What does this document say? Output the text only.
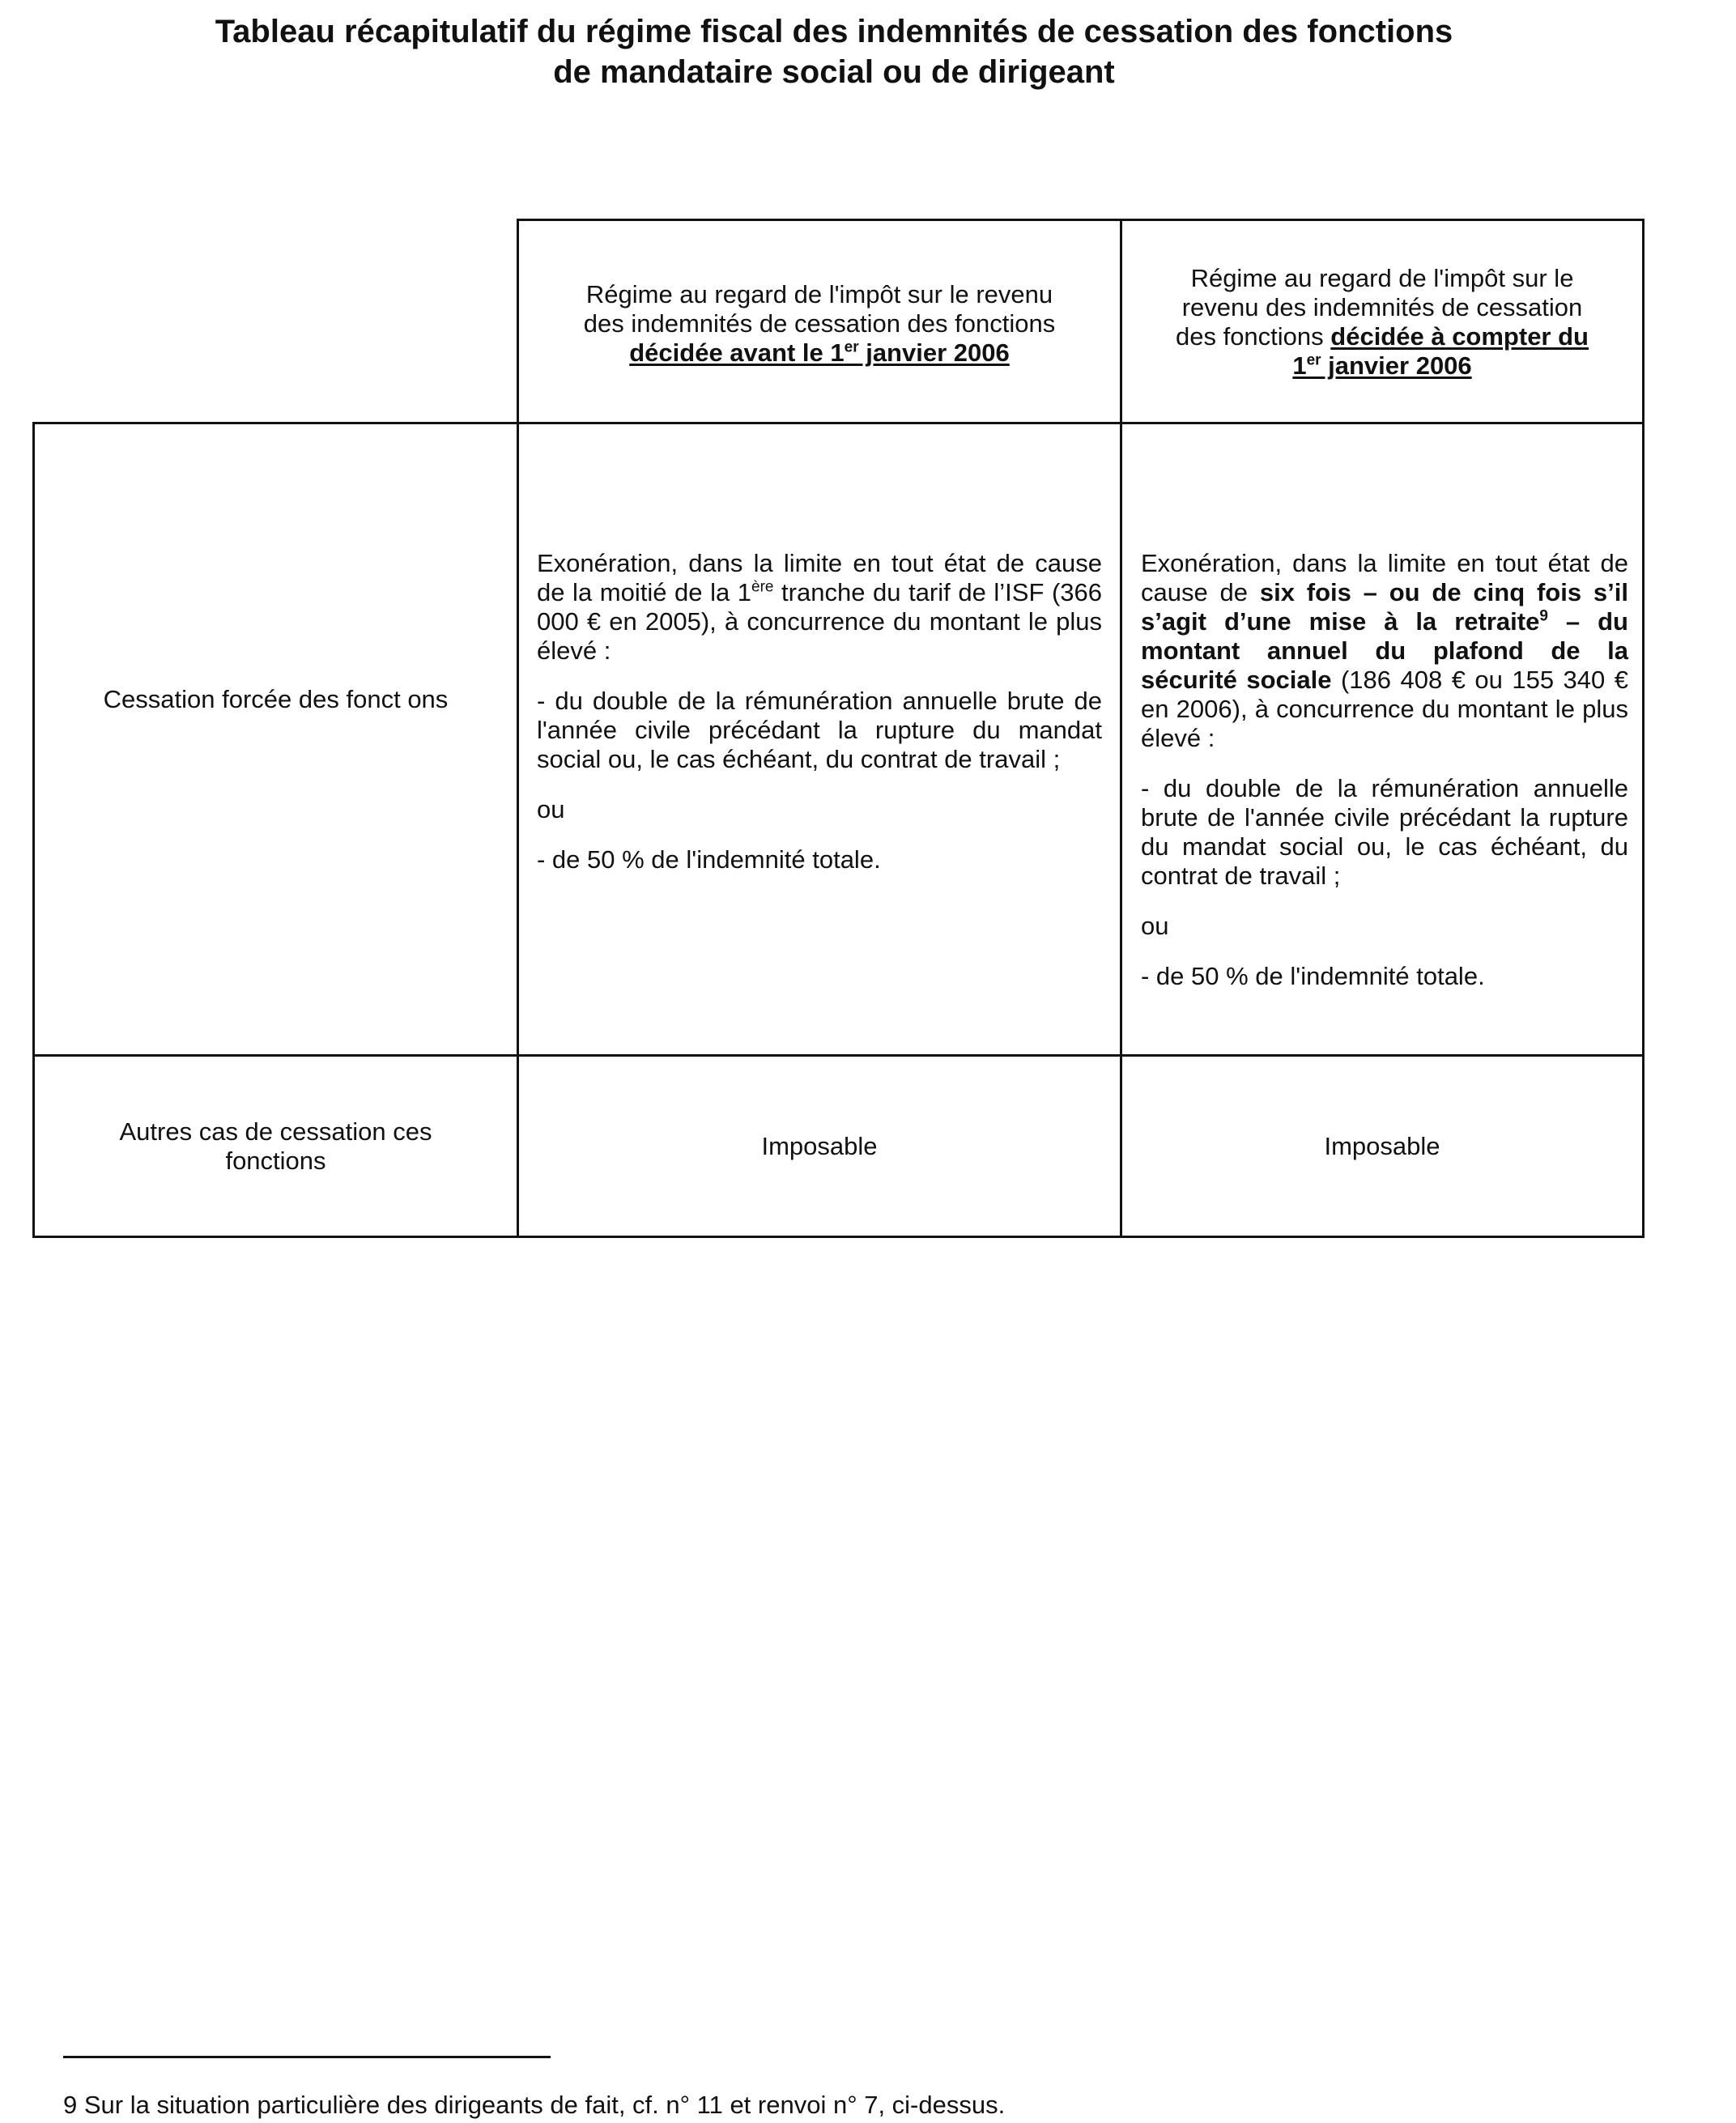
Tableau récapitulatif du régime fiscal des indemnités de cessation des fonctions
de mandataire social ou de dirigeant
Régime au regard de l'impôt sur le revenu
des indemnités de cessation des fonctions
décidée avant le 1er janvier 2006
Régime au regard de l'impôt sur le
revenu des indemnités de cessation
des fonctions décidée à compter du
1er janvier 2006
Cessation forcée des fonct ons

Exonération, dans la limite en tout état de cause de la moitié de la 1ère tranche du tarif de l’ISF (366 000 € en 2005), à concurrence du montant le plus élevé :

- du double de la rémunération annuelle brute de l'année civile précédant la rupture du mandat social ou, le cas échéant, du contrat de travail ;

ou

- de 50 % de l'indemnité totale.

Exonération, dans la limite en tout état de cause de six fois – ou de cinq fois s’il s’agit d’une mise à la retraite$^9$ – du montant annuel du plafond de la sécurité sociale (186 408 € ou 155 340 € en 2006), à concurrence du montant le plus élevé :

- du double de la rémunération annuelle brute de l'année civile précédant la rupture du mandat social ou, le cas échéant, du contrat de travail ;

ou

- de 50 % de l'indemnité totale.

Autres cas de cessation ces
fonctions
Imposable	Imposable
9 Sur la situation particulière des dirigeants de fait, cf. n° 11 et renvoi n° 7, ci-dessus.
